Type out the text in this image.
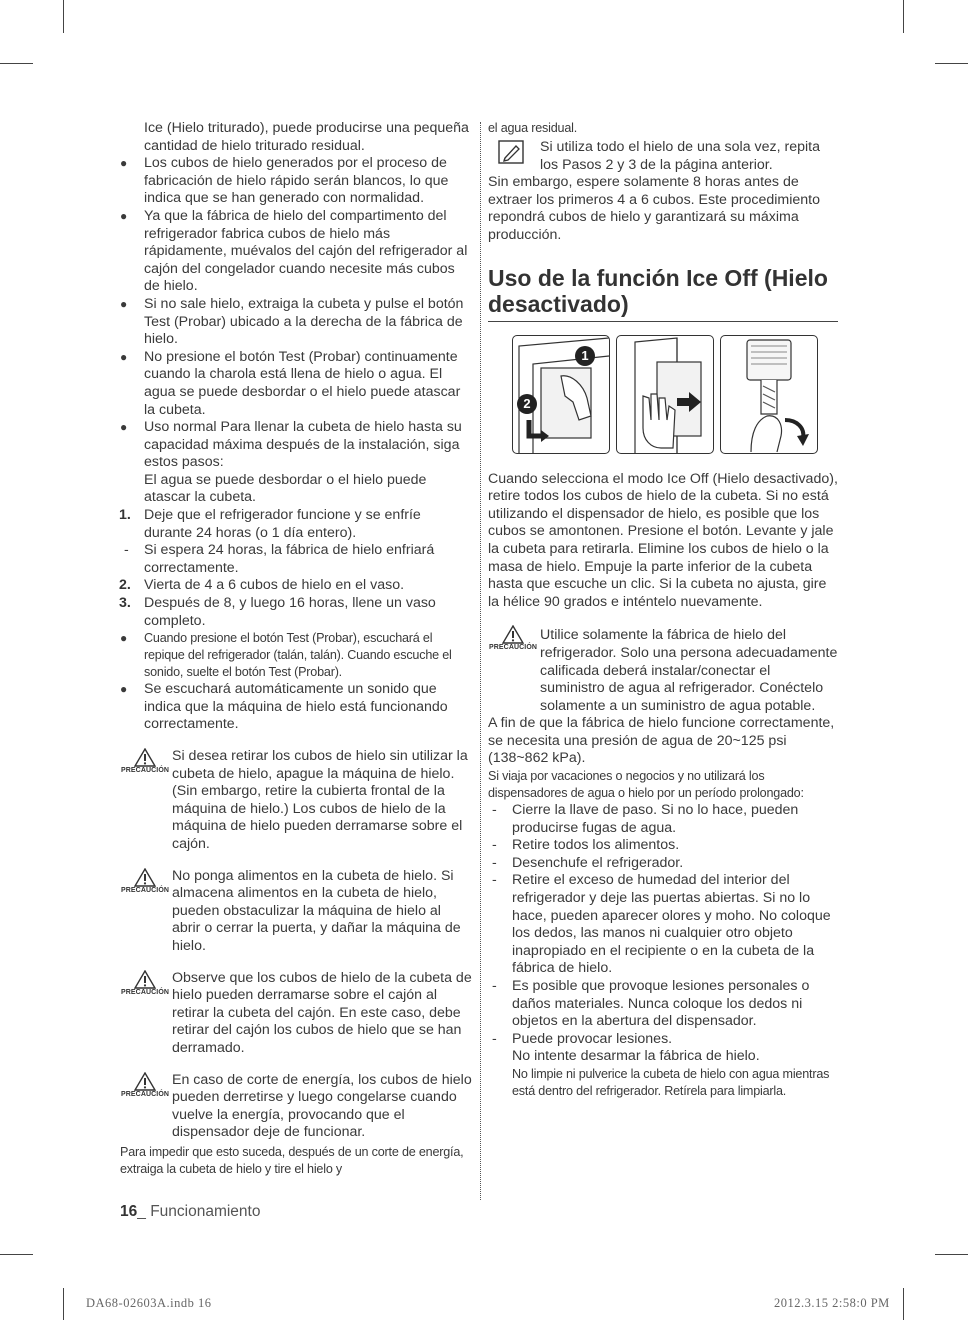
Ice (Hielo triturado), puede producirse una pequeña cantidad de hielo triturado residual.

●	Los cubos de hielo generados por el proceso de fabricación de hielo rápido serán blancos, lo que indica que se han generado con normalidad.
●	Ya que la fábrica de hielo del compartimento del refrigerador fabrica cubos de hielo más rápidamente, muévalos del cajón del refrigerador al cajón del congelador cuando necesite más cubos de hielo.
●	Si no sale hielo, extraiga la cubeta y pulse el botón Test (Probar) ubicado a la derecha de la fábrica de hielo.
●	No presione el botón Test (Probar) continuamente cuando la charola está llena de hielo o agua. El agua se puede desbordar o el hielo puede atascar la cubeta.
●	Uso normal Para llenar la cubeta de hielo hasta su capacidad máxima después de la instalación, siga estos pasos:

El agua se puede desbordar o el hielo puede atascar la cubeta.

1. Deje que el refrigerador funcione y se enfríe durante 24 horas (o 1 día entero).
-	Si espera 24 horas, la fábrica de hielo enfriará correctamente.
2. Vierta de 4 a 6 cubos de hielo en el vaso.
3. Después de 8, y luego 16 horas, llene un vaso completo.
●	Cuando presione el botón Test (Probar), escuchará el repique del refrigerador (talán, talán). Cuando escuche el sonido, suelte el botón Test (Probar).
●	Se escuchará automáticamente un sonido que indica que la máquina de hielo está funcionando correctamente.
PRECAUCIÓN
Si desea retirar los cubos de hielo sin utilizar la cubeta de hielo, apague la máquina de hielo. (Sin embargo, retire la cubierta frontal de la máquina de hielo.) Los cubos de hielo de la máquina de hielo pueden derramarse sobre el cajón.
PRECAUCIÓN
No ponga alimentos en la cubeta de hielo. Si almacena alimentos en la cubeta de hielo, pueden obstaculizar la máquina de hielo al abrir o cerrar la puerta, y dañar la máquina de hielo.
PRECAUCIÓN
Observe que los cubos de hielo de la cubeta de hielo pueden derramarse sobre el cajón al retirar la cubeta del cajón. En este caso, debe retirar del cajón los cubos de hielo que se han derramado.
PRECAUCIÓN
En caso de corte de energía, los cubos de hielo pueden derretirse y luego congelarse cuando vuelve la energía, provocando que el dispensador deje de funcionar.

Para impedir que esto suceda, después de un corte de energía, extraiga la cubeta de hielo y tire el hielo y

el agua residual.

Si utiliza todo el hielo de una sola vez, repita los Pasos 2 y 3 de la página anterior.

Sin embargo, espere solamente 8 horas antes de extraer los primeros 4 a 6 cubos. Este procedimiento repondrá cubos de hielo y garantizará su máxima producción.

Uso de la función Ice Off (Hielo desactivado)
1
2

Cuando selecciona el modo Ice Off (Hielo desactivado), retire todos los cubos de hielo de la cubeta. Si no está utilizando el dispensador de hielo, es posible que los cubos se amontonen. Presione el botón. Levante y jale la cubeta para retirarla. Elimine los cubos de hielo o la masa de hielo. Empuje la parte inferior de la cubeta hasta que escuche un clic. Si la cubeta no ajusta, gire la hélice 90 grados e inténtelo nuevamente.

PRECAUCIÓN
Utilice solamente la fábrica de hielo del refrigerador. Solo una persona adecuadamente calificada deberá instalar/conectar el suministro de agua al refrigerador. Conéctelo solamente a un suministro de agua potable.

A fin de que la fábrica de hielo funcione correctamente, se necesita una presión de agua de 20~125 psi (138~862 kPa).

Si viaja por vacaciones o negocios y no utilizará los dispensadores de agua o hielo por un período prolongado:

-	Cierre la llave de paso. Si no lo hace, pueden producirse fugas de agua.
-	Retire todos los alimentos.
-	Desenchufe el refrigerador.
-	Retire el exceso de humedad del interior del refrigerador y deje las puertas abiertas. Si no lo hace, pueden aparecer olores y moho. No coloque los dedos, las manos ni cualquier otro objeto inapropiado en el recipiente o en la cubeta de la fábrica de hielo.
-	Es posible que provoque lesiones personales o daños materiales. Nunca coloque los dedos ni objetos en la abertura del dispensador.
-	Puede provocar lesiones.

No intente desarmar la fábrica de hielo.

No limpie ni pulverice la cubeta de hielo con agua mientras está dentro del refrigerador. Retírela para limpiarla.

16_ Funcionamiento
DA68-02603A.indb 16	2012.3.15 2:58:0 PM
